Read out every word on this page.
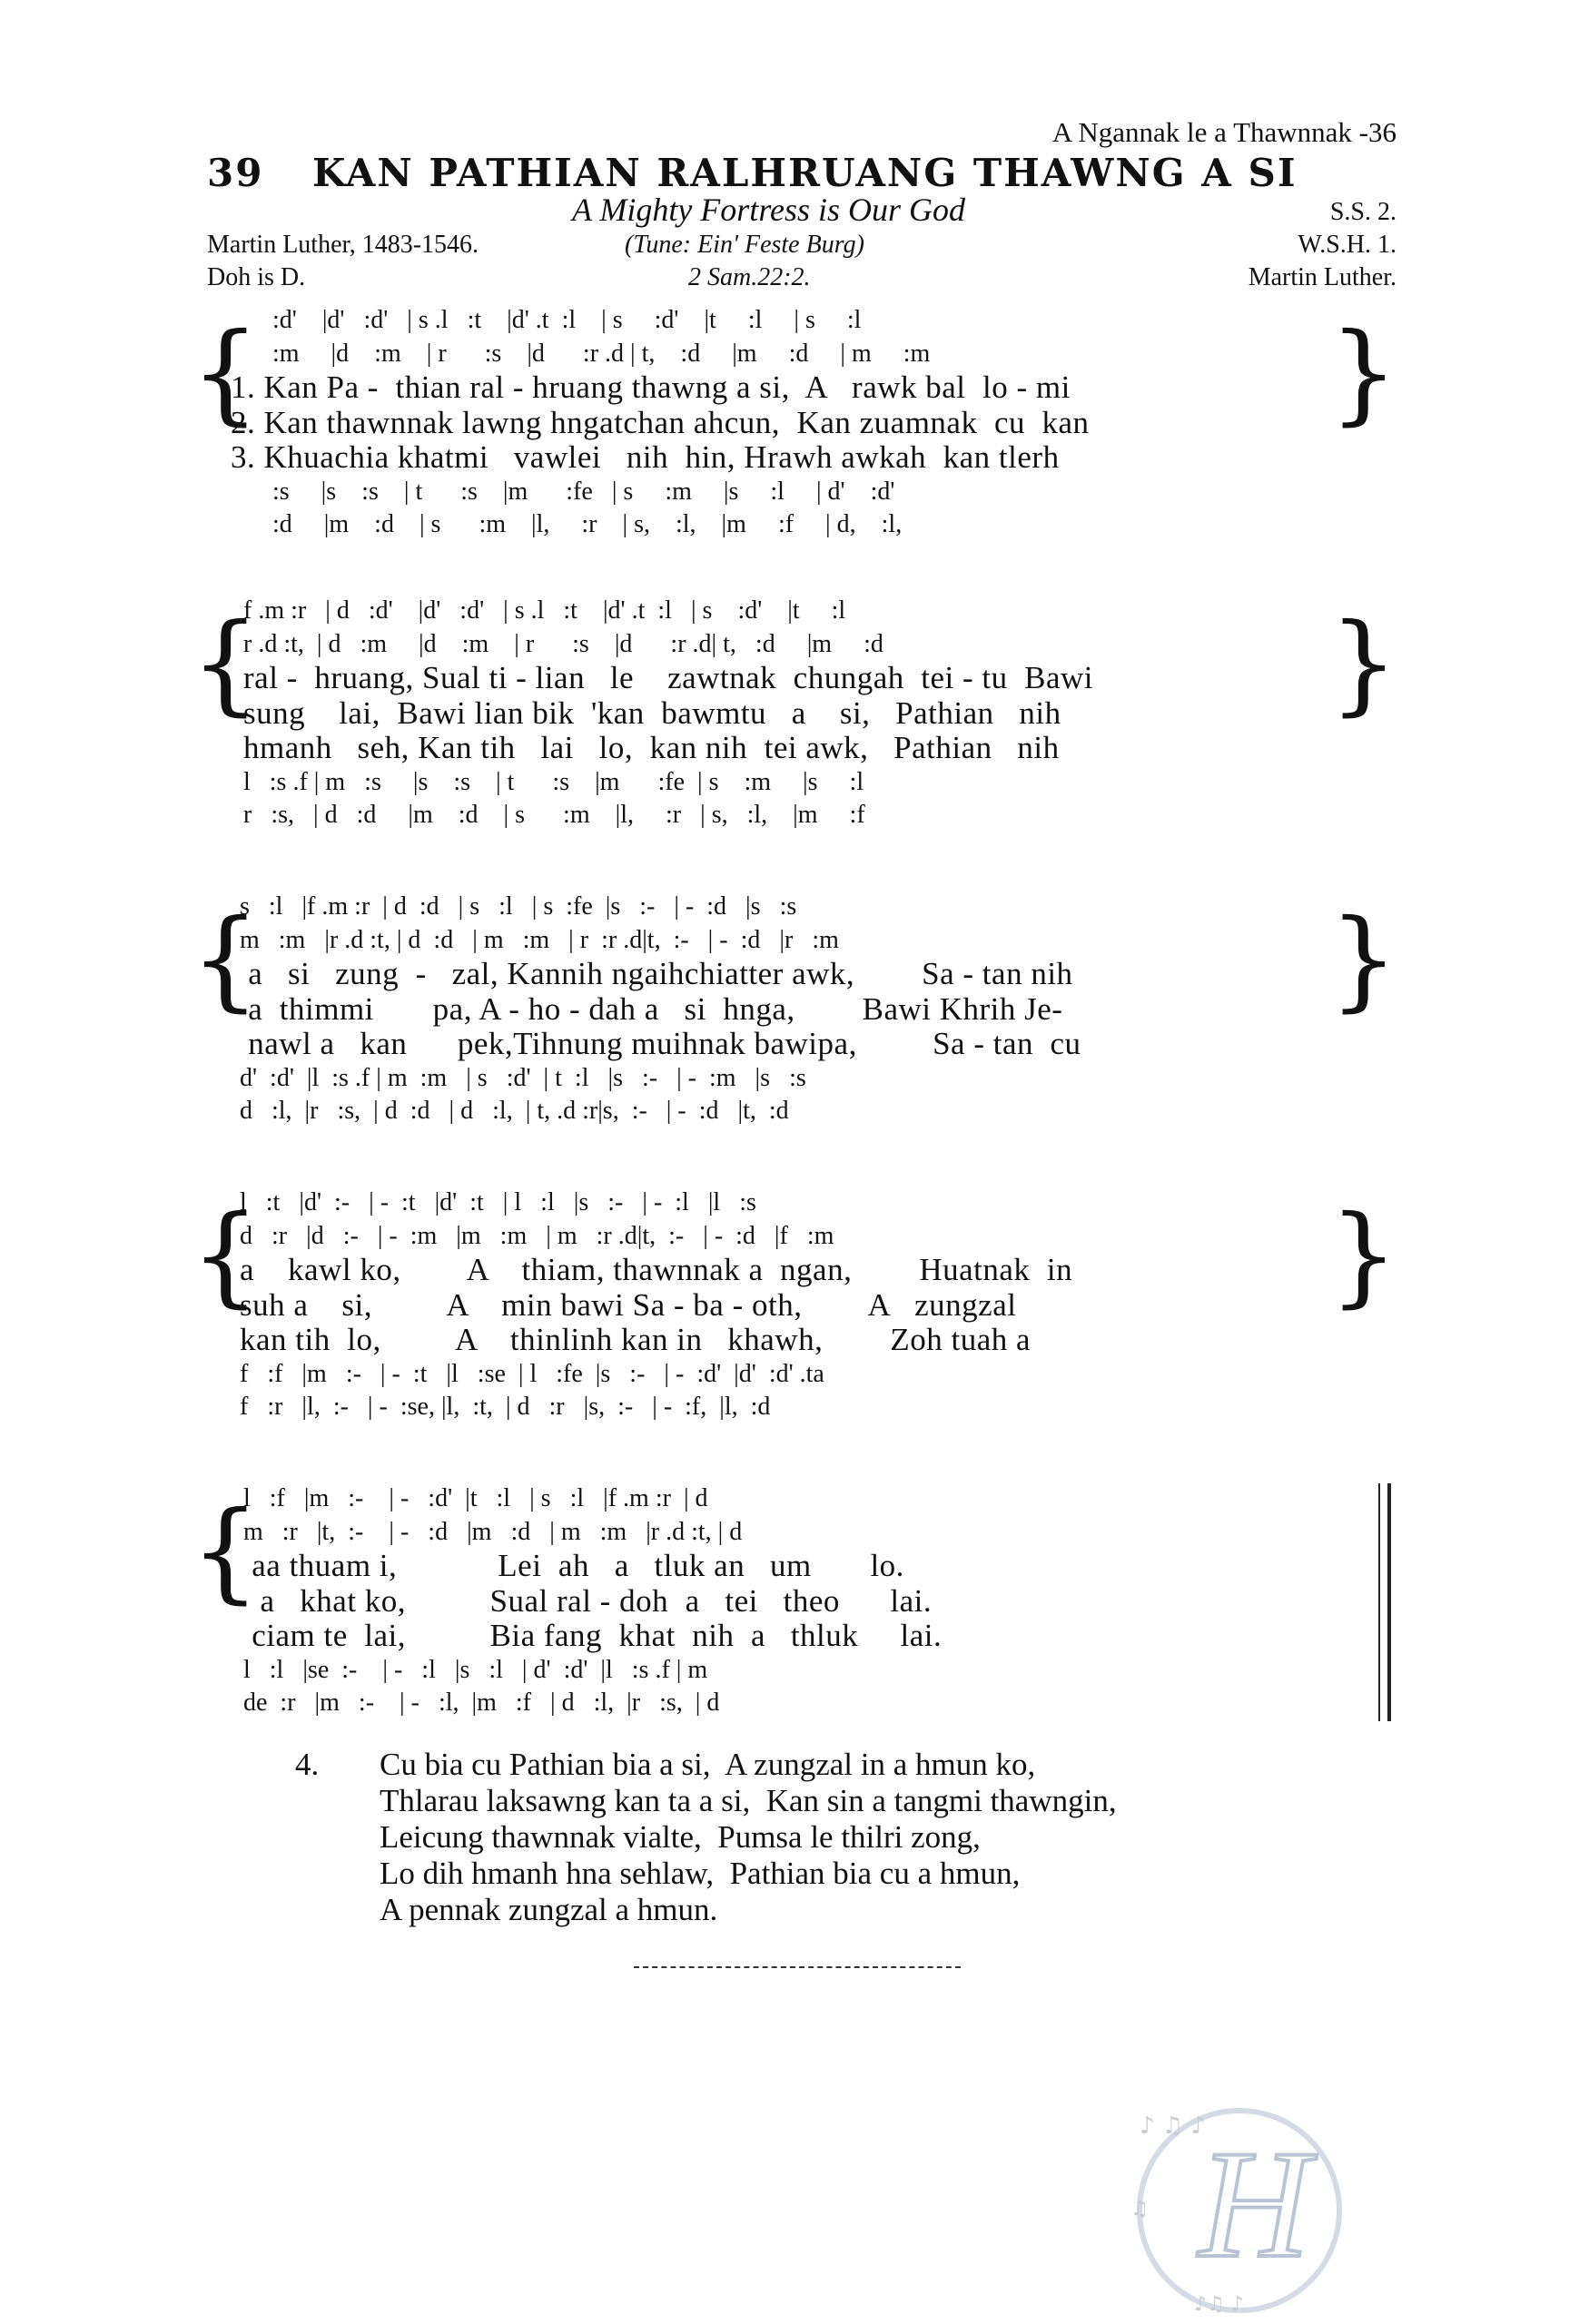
A Ngannak le a Thawnnak -36
39 KAN PATHIAN RALHRUANG THAWNG A SI
A Mighty Fortress is Our God	S.S. 2.
Martin Luther, 1483-1546.	(Tune: Ein' Feste Burg)	W.S.H. 1.
Doh is D.	2 Sam.22:2.	Martin Luther.
{	}
:d'    |d'   :d'   | s .l   :t    |d' .t  :l    | s     :d'    |t     :l     | s     :l
:m     |d    :m    | r      :s    |d      :r .d | t,    :d     |m     :d     | m     :m
1. Kan Pa -  thian ral - hruang thawng a si,  A   rawk bal  lo - mi
2. Kan thawnnak lawng hngatchan ahcun,  Kan zuamnak  cu  kan
3. Khuachia khatmi   vawlei   nih  hin, Hrawh awkah  kan tlerh
:s     |s    :s    | t      :s    |m      :fe   | s     :m     |s     :l     | d'    :d'
:d     |m    :d    | s      :m    |l,     :r    | s,    :l,    |m     :f     | d,    :l,
{	}
f .m :r   | d   :d'    |d'   :d'   | s .l   :t    |d' .t  :l   | s    :d'    |t     :l
r .d :t,  | d   :m     |d    :m    | r      :s    |d      :r .d| t,   :d     |m     :d
ral -  hruang, Sual ti - lian   le    zawtnak  chungah  tei - tu  Bawi
sung    lai,  Bawi lian bik  'kan  bawmtu   a    si,   Pathian   nih
hmanh   seh, Kan tih   lai   lo,  kan nih  tei awk,   Pathian   nih
l   :s .f | m   :s     |s    :s    | t      :s    |m      :fe  | s    :m     |s     :l
r   :s,   | d   :d     |m    :d    | s      :m    |l,     :r   | s,   :l,    |m     :f
{	}
s   :l   |f .m :r  | d  :d   | s   :l   | s  :fe  |s   :-   | -  :d   |s   :s
m   :m   |r .d :t, | d  :d   | m   :m   | r  :r .d|t,  :-   | -  :d   |r   :m
a   si   zung  -   zal, Kannih ngaihchiatter awk,        Sa - tan nih
a  thimmi       pa, A - ho - dah a   si  hnga,        Bawi Khrih Je-
nawl a   kan      pek,Tihnung muihnak bawipa,         Sa - tan  cu
d'  :d'  |l  :s .f | m  :m   | s   :d'  | t  :l   |s   :-   | -  :m   |s   :s
d   :l,  |r   :s,  | d  :d   | d   :l,  | t, .d :r|s,  :-   | -  :d   |t,  :d
{	}
l   :t   |d'  :-   | -  :t   |d'  :t   | l   :l   |s   :-   | -  :l   |l   :s
d   :r   |d   :-   | -  :m   |m   :m   | m   :r .d|t,  :-   | -  :d   |f   :m
a    kawl ko,        A    thiam, thawnnak a  ngan,        Huatnak  in
suh a    si,         A    min bawi Sa - ba - oth,        A   zungzal
kan tih  lo,         A    thinlinh kan in   khawh,        Zoh tuah a
f   :f   |m   :-   | -  :t   |l   :se  | l   :fe  |s   :-   | -  :d'  |d'  :d' .ta
f   :r   |l,  :-   | -  :se, |l,  :t,  | d   :r   |s,  :-   | -  :f,  |l,  :d
{
l   :f   |m   :-    | -   :d'  |t   :l   | s   :l   |f .m :r  | d
m   :r   |t,  :-    | -   :d   |m   :d   | m   :m   |r .d :t, | d
aa thuam i,            Lei  ah   a   tluk an   um       lo.
a   khat ko,          Sual ral - doh  a   tei   theo      lai.
ciam te  lai,          Bia fang  khat  nih  a   thluk     lai.
l   :l   |se  :-    | -   :l   |s   :l   | d'  :d'  |l   :s .f | m
de  :r   |m   :-    | -   :l,  |m   :f   | d   :l,  |r   :s,  | d
4. Cu bia cu Pathian bia a si,  A zungzal in a hmun ko,
Thlarau laksawng kan ta a si,  Kan sin a tangmi thawngin,
Leicung thawnnak vialte,  Pumsa le thilri zong,
Lo dih hmanh hna sehlaw,  Pathian bia cu a hmun,
A pennak zungzal a hmun.
H
♪ ♫ ♪
♫
♪♫ ♪
